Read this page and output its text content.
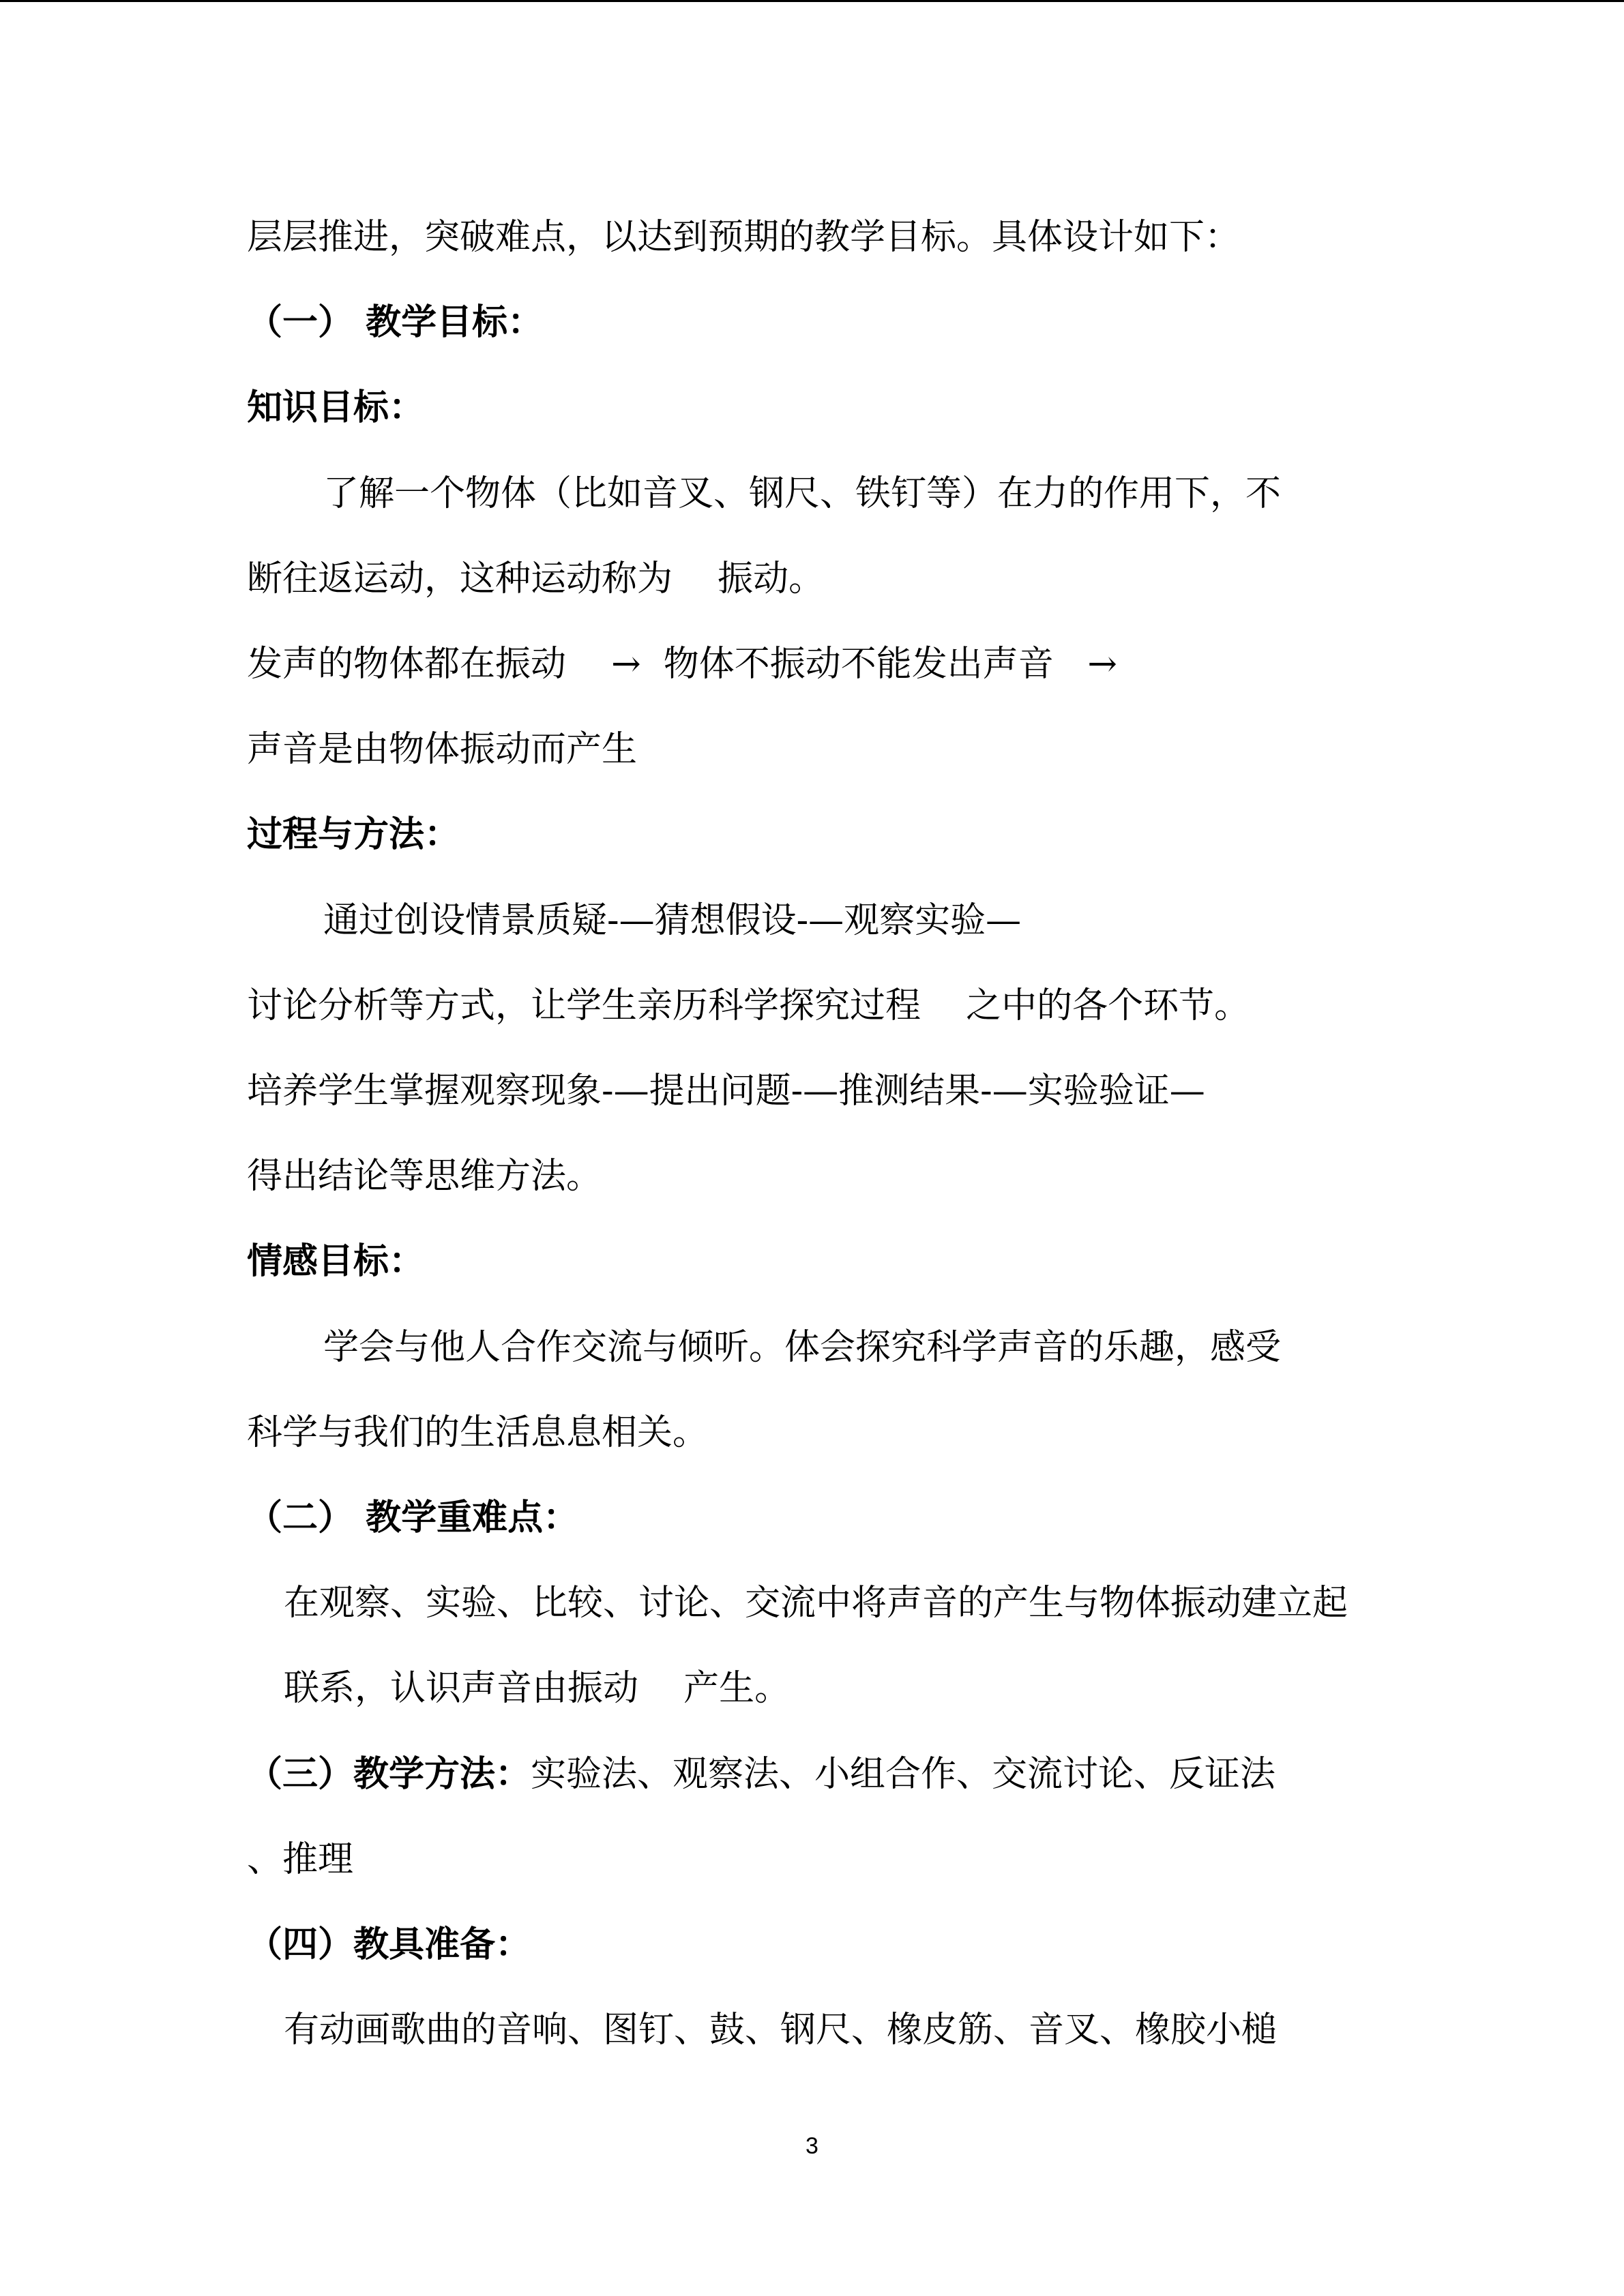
层层推进，突破难点，以达到预期的教学目标。具体设计如下：

（一） 教学目标：

知识目标：

了解一个物体（比如音叉、钢尺、铁钉等）在力的作用下，不

断往返运动，这种运动称为    振动。

发声的物体都在振动    →  物体不振动不能发出声音   →

声音是由物体振动而产生

过程与方法：

通过创设情景质疑-—猜想假设-—观察实验—

讨论分析等方式，让学生亲历科学探究过程    之中的各个环节。

培养学生掌握观察现象-—提出问题-—推测结果-—实验验证—

得出结论等思维方法。

情感目标：

学会与他人合作交流与倾听。体会探究科学声音的乐趣，感受

科学与我们的生活息息相关。

（二） 教学重难点：

在观察、实验、比较、讨论、交流中将声音的产生与物体振动建立起

联系，认识声音由振动    产生。

（三）教学方法：实验法、观察法、小组合作、交流讨论、反证法

、推理

（四）教具准备：

有动画歌曲的音响、图钉、鼓、钢尺、橡皮筋、音叉、橡胶小槌

3
